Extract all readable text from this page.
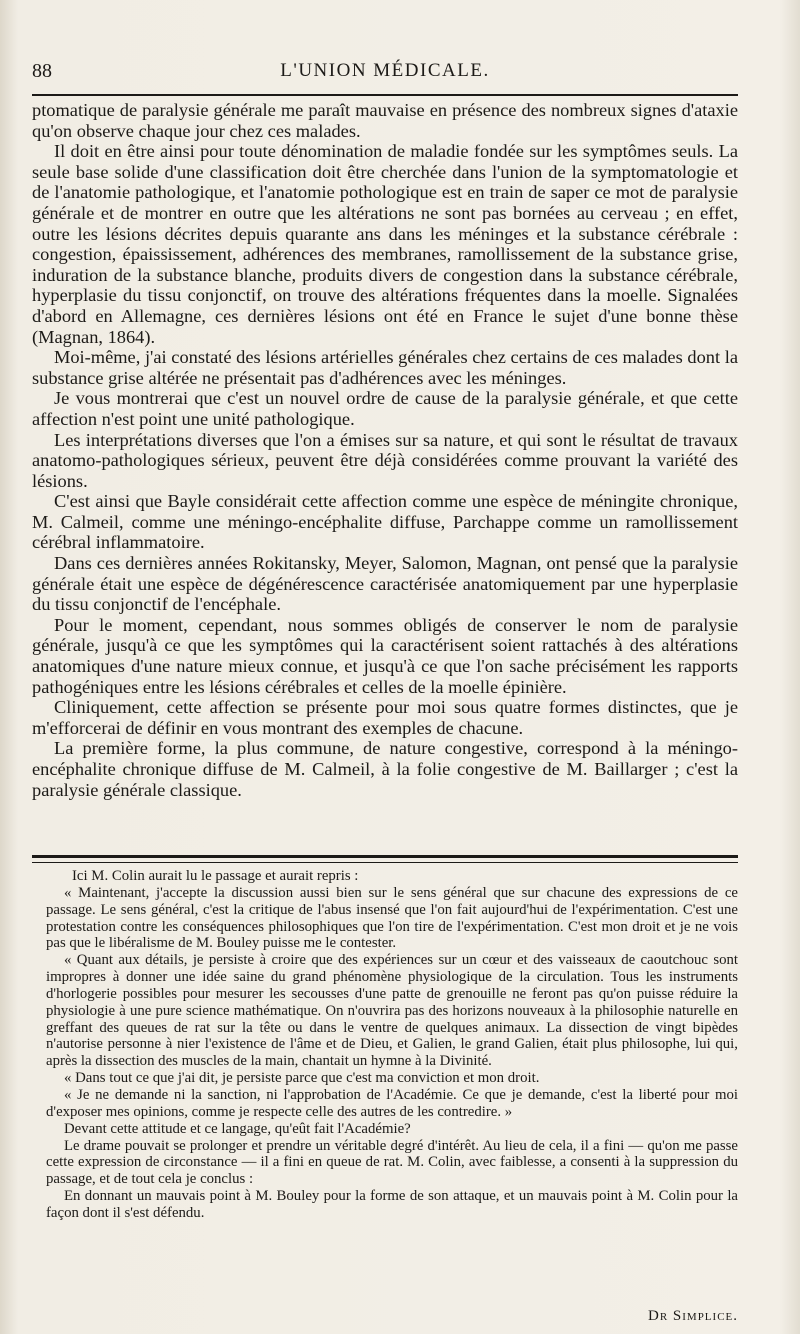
88	L'UNION MÉDICALE.

ptomatique de paralysie générale me paraît mauvaise en présence des nombreux signes d'ataxie qu'on observe chaque jour chez ces malades.

Il doit en être ainsi pour toute dénomination de maladie fondée sur les symptômes seuls. La seule base solide d'une classification doit être cherchée dans l'union de la symptomatologie et de l'anatomie pathologique, et l'anatomie pothologique est en train de saper ce mot de paralysie générale et de montrer en outre que les altérations ne sont pas bornées au cerveau ; en effet, outre les lésions décrites depuis quarante ans dans les méninges et la substance cérébrale : congestion, épaississement, adhérences des membranes, ramollissement de la substance grise, induration de la substance blanche, produits divers de congestion dans la substance cérébrale, hyperplasie du tissu conjonctif, on trouve des altérations fréquentes dans la moelle. Signalées d'abord en Allemagne, ces dernières lésions ont été en France le sujet d'une bonne thèse (Magnan, 1864).

Moi-même, j'ai constaté des lésions artérielles générales chez certains de ces malades dont la substance grise altérée ne présentait pas d'adhérences avec les méninges.

Je vous montrerai que c'est un nouvel ordre de cause de la paralysie générale, et que cette affection n'est point une unité pathologique.

Les interprétations diverses que l'on a émises sur sa nature, et qui sont le résultat de travaux anatomo-pathologiques sérieux, peuvent être déjà considérées comme prouvant la variété des lésions.

C'est ainsi que Bayle considérait cette affection comme une espèce de méningite chronique, M. Calmeil, comme une méningo-encéphalite diffuse, Parchappe comme un ramollissement cérébral inflammatoire.

Dans ces dernières années Rokitansky, Meyer, Salomon, Magnan, ont pensé que la paralysie générale était une espèce de dégénérescence caractérisée anatomiquement par une hyperplasie du tissu conjonctif de l'encéphale.

Pour le moment, cependant, nous sommes obligés de conserver le nom de paralysie générale, jusqu'à ce que les symptômes qui la caractérisent soient rattachés à des altérations anatomiques d'une nature mieux connue, et jusqu'à ce que l'on sache précisément les rapports pathogéniques entre les lésions cérébrales et celles de la moelle épinière.

Cliniquement, cette affection se présente pour moi sous quatre formes distinctes, que je m'efforcerai de définir en vous montrant des exemples de chacune.

La première forme, la plus commune, de nature congestive, correspond à la méningo-encéphalite chronique diffuse de M. Calmeil, à la folie congestive de M. Baillarger ; c'est la paralysie générale classique.

Ici M. Colin aurait lu le passage et aurait repris :

« Maintenant, j'accepte la discussion aussi bien sur le sens général que sur chacune des expressions de ce passage. Le sens général, c'est la critique de l'abus insensé que l'on fait aujourd'hui de l'expérimentation. C'est une protestation contre les conséquences philosophiques que l'on tire de l'expérimentation. C'est mon droit et je ne vois pas que le libéralisme de M. Bouley puisse me le contester.

« Quant aux détails, je persiste à croire que des expériences sur un cœur et des vaisseaux de caoutchouc sont impropres à donner une idée saine du grand phénomène physiologique de la circulation. Tous les instruments d'horlogerie possibles pour mesurer les secousses d'une patte de grenouille ne feront pas qu'on puisse réduire la physiologie à une pure science mathématique. On n'ouvrira pas des horizons nouveaux à la philosophie naturelle en greffant des queues de rat sur la tête ou dans le ventre de quelques animaux. La dissection de vingt bipèdes n'autorise personne à nier l'existence de l'âme et de Dieu, et Galien, le grand Galien, était plus philosophe, lui qui, après la dissection des muscles de la main, chantait un hymne à la Divinité.

« Dans tout ce que j'ai dit, je persiste parce que c'est ma conviction et mon droit.

« Je ne demande ni la sanction, ni l'approbation de l'Académie. Ce que je demande, c'est la liberté pour moi d'exposer mes opinions, comme je respecte celle des autres de les contredire. »

Devant cette attitude et ce langage, qu'eût fait l'Académie?

Le drame pouvait se prolonger et prendre un véritable degré d'intérêt. Au lieu de cela, il a fini — qu'on me passe cette expression de circonstance — il a fini en queue de rat. M. Colin, avec faiblesse, a consenti à la suppression du passage, et de tout cela je conclus :

En donnant un mauvais point à M. Bouley pour la forme de son attaque, et un mauvais point à M. Colin pour la façon dont il s'est défendu.

Dr Simplice.
